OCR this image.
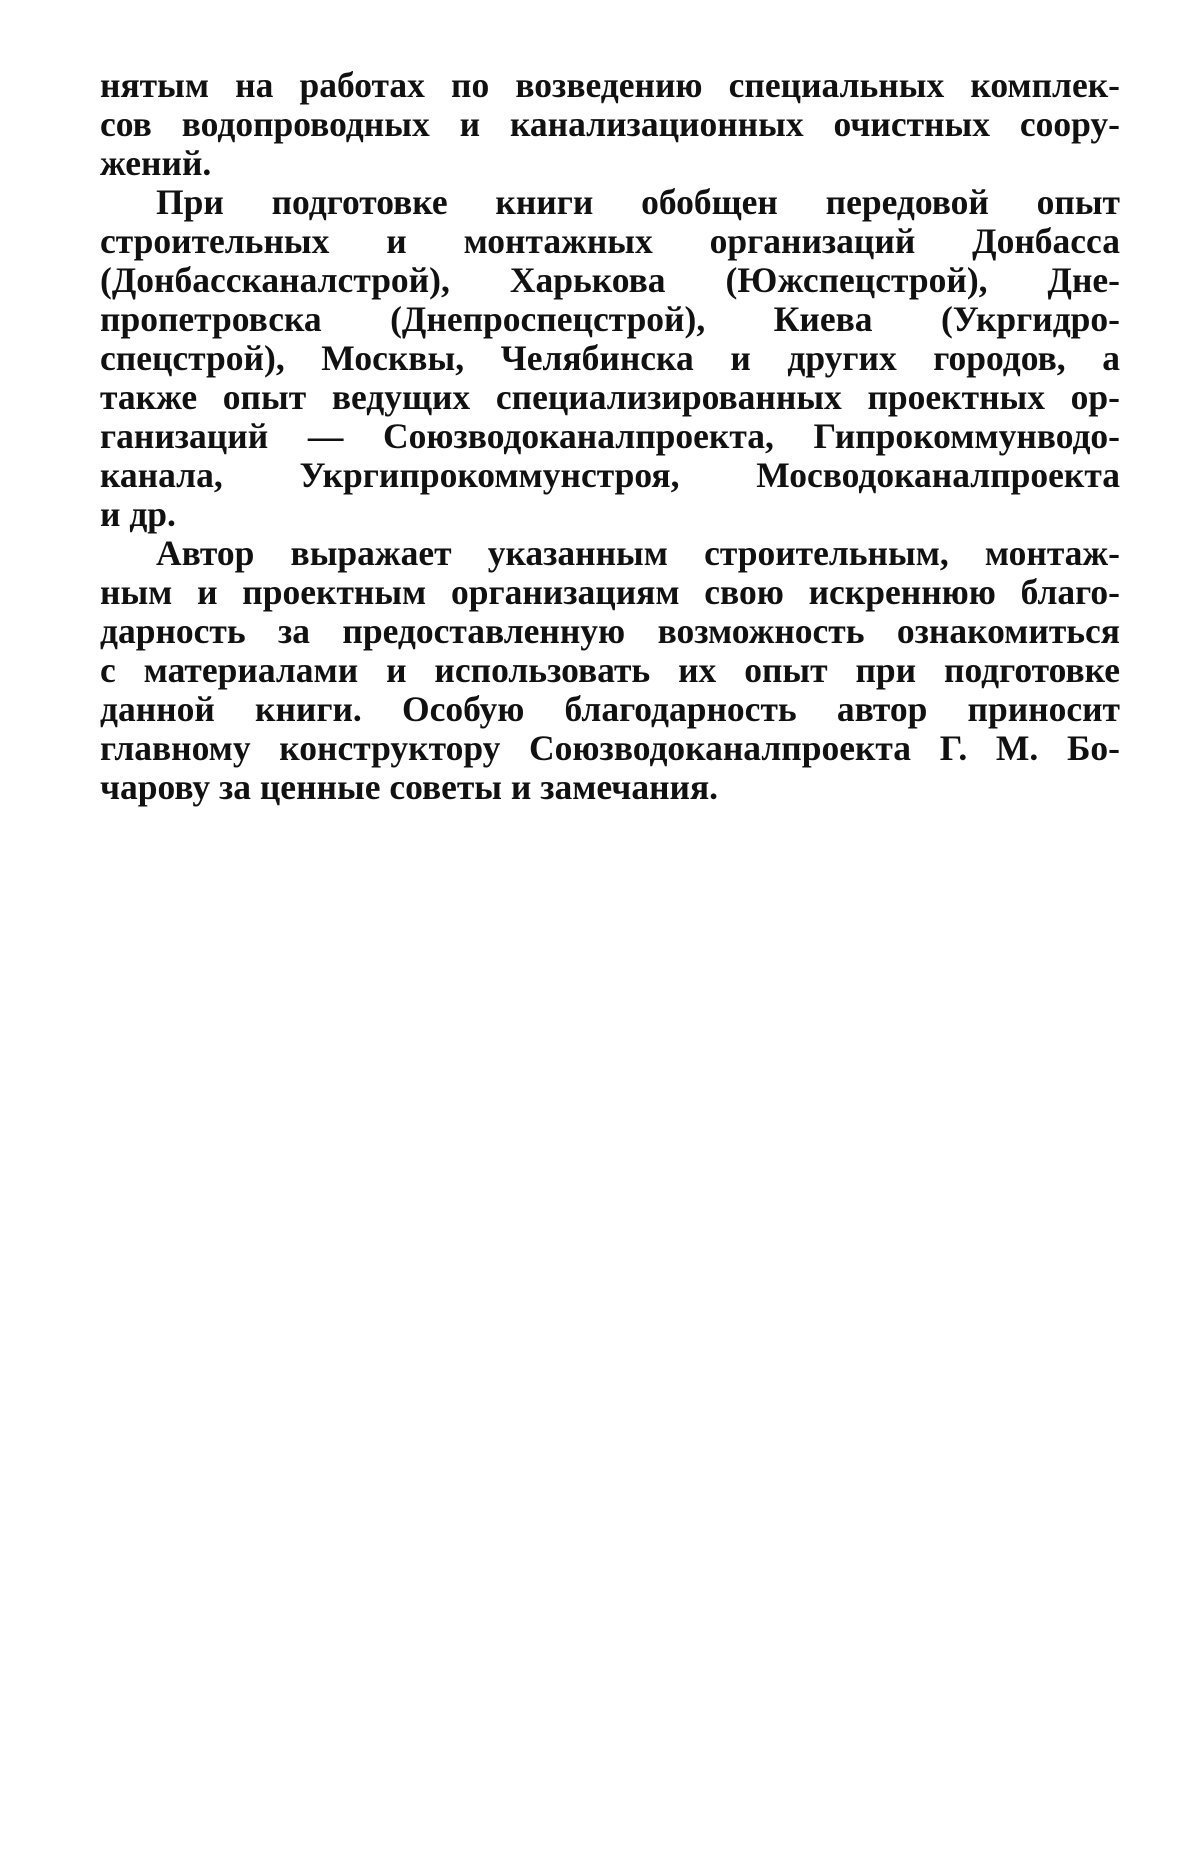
нятым на работах по возведению специальных комплек-
сов водопроводных и канализационных очистных соору-
жений.
При подготовке книги обобщен передовой опыт
строительных и монтажных организаций Донбасса
(Донбассканалстрой), Харькова (Южспецстрой), Дне-
пропетровска (Днепроспецстрой), Киева (Укргидро-
спецстрой), Москвы, Челябинска и других городов, а
также опыт ведущих специализированных проектных ор-
ганизаций — Союзводоканалпроекта, Гипрокоммунводо-
канала, Укргипрокоммунстроя, Мосводоканалпроекта
и др.
Автор выражает указанным строительным, монтаж-
ным и проектным организациям свою искреннюю благо-
дарность за предоставленную возможность ознакомиться
с материалами и использовать их опыт при подготовке
данной книги. Особую благодарность автор приносит
главному конструктору Союзводоканалпроекта Г. М. Бо-
чарову за ценные советы и замечания.
